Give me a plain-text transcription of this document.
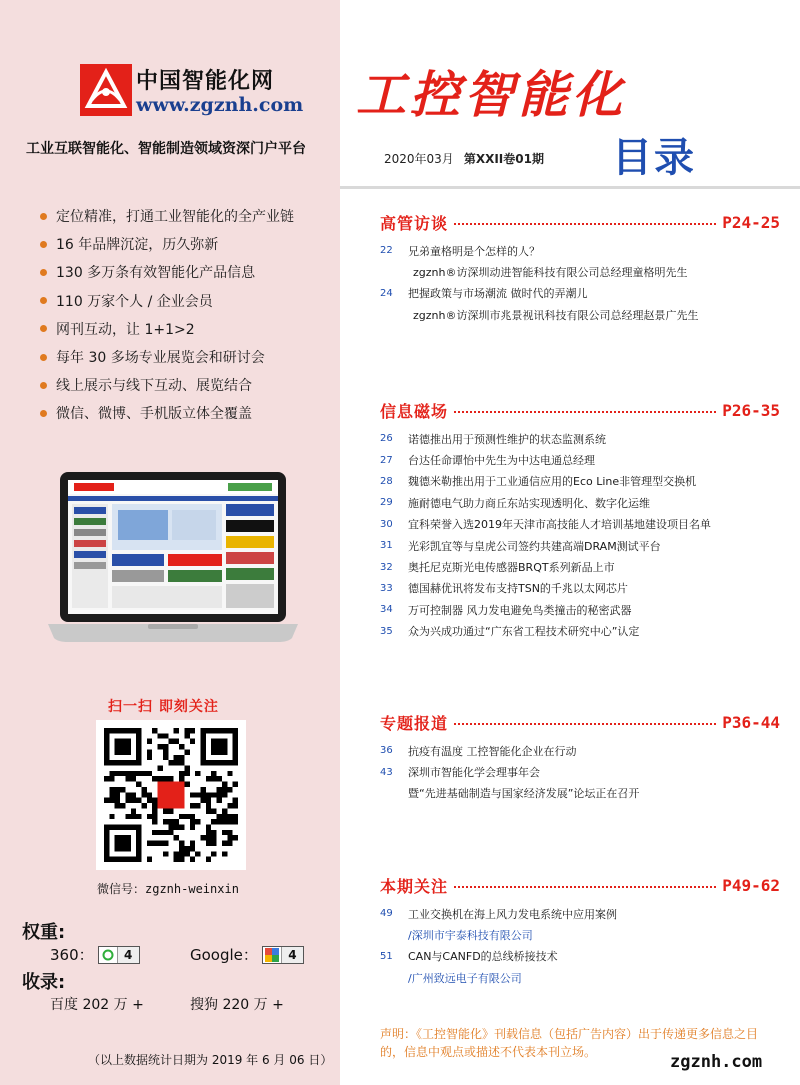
中国智能化网
www.zgznh.com
工业互联智能化、智能制造领域资深门户平台
定位精准，打通工业智能化的全产业链
16 年品牌沉淀，历久弥新
130 多万条有效智能化产品信息
110 万家个人 / 企业会员
网刊互动，让 1+1>2
每年 30 多场专业展览会和研讨会
线上展示与线下互动、展览结合
微信、微博、手机版立体全覆盖
扫一扫 即刻关注
微信号：zgznh-weinxin
权重:
360：	4	Google：	4
收录:
百度 202 万 +	搜狗 220 万 +
（以上数据统计日期为 2019 年 6 月 06 日）
工控智能化
2020年03月 第XXII卷01期 目录
高管访谈	P24-25
22	兄弟童格明是个怎样的人？
zgznh®访深圳动进智能科技有限公司总经理童格明先生
24	把握政策与市场潮流 做时代的弄潮儿
zgznh®访深圳市兆景视讯科技有限公司总经理赵景广先生
信息磁场	P26-35
26	诺德推出用于预测性维护的状态监测系统
27	台达任命谭怡中先生为中达电通总经理
28	魏德米勒推出用于工业通信应用的Eco Line非管理型交换机
29	施耐德电气助力商丘东站实现透明化、数字化运维
30	宜科荣誉入选2019年天津市高技能人才培训基地建设项目名单
31	光彩凯宜等与皇虎公司签约共建高端DRAM测试平台
32	奥托尼克斯光电传感器BRQT系列新品上市
33	德国赫优讯将发布支持TSN的千兆以太网芯片
34	万可控制器 风力发电避免鸟类撞击的秘密武器
35	众为兴成功通过“广东省工程技术研究中心”认定
专题报道	P36-44
36	抗疫有温度 工控智能化企业在行动
43	深圳市智能化学会理事年会
暨“先进基础制造与国家经济发展”论坛正在召开
本期关注	P49-62
49	工业交换机在海上风力发电系统中应用案例
/深圳市宇泰科技有限公司
51	CAN与CANFD的总线桥接技术
/广州致远电子有限公司
声明：《工控智能化》刊载信息（包括广告内容）出于传递更多信息之目的，信息中观点或描述不代表本刊立场。	zgznh.com
